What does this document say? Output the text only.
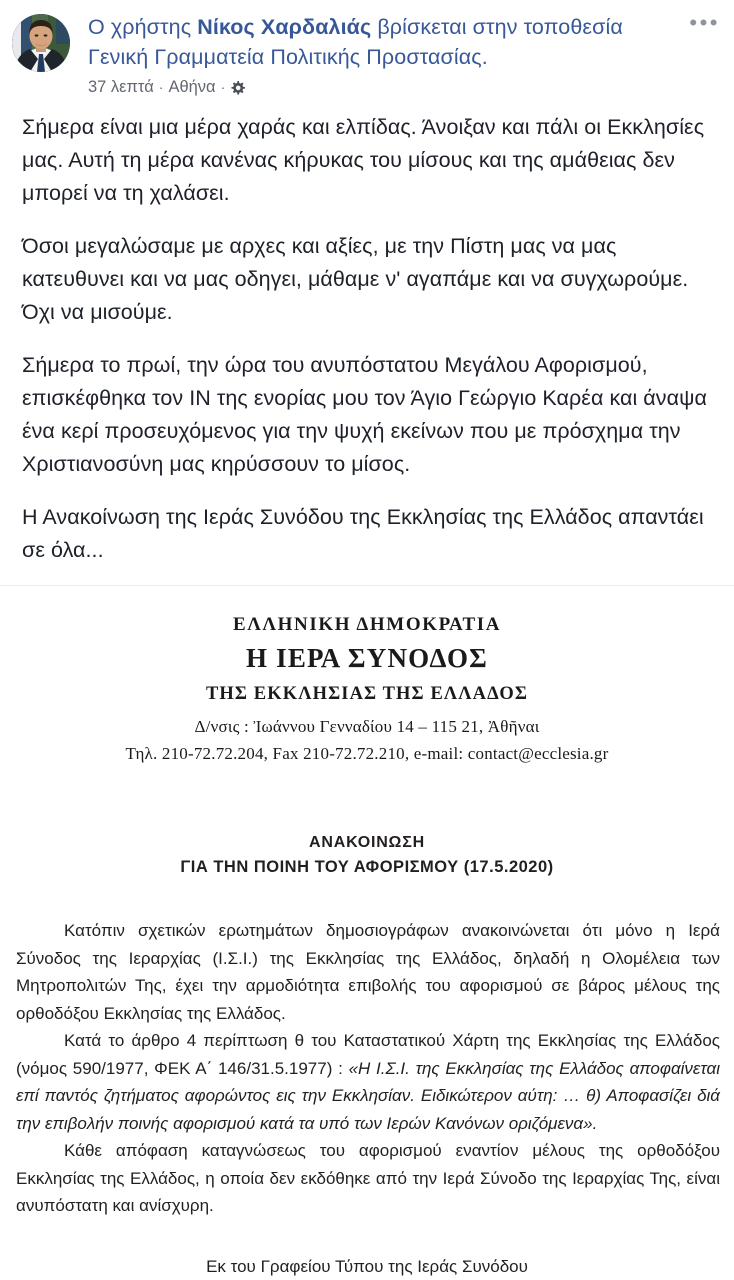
Ο χρήστης Νίκος Χαρδαλιάς βρίσκεται στην τοποθεσία Γενική Γραμματεία Πολιτικής Προστασίας.
37 λεπτά · Αθήνα ·
•••

Σήμερα είναι μια μέρα χαράς και ελπίδας. Άνοιξαν και πάλι οι Εκκλησίες μας. Αυτή τη μέρα κανένας κήρυκας του μίσους και της αμάθειας δεν μπορεί να τη χαλάσει.

Όσοι μεγαλώσαμε με αρχες και αξίες, με την Πίστη μας να μας κατευθυνει και να μας οδηγει, μάθαμε ν' αγαπάμε και να συγχωρούμε. Όχι να μισούμε.

Σήμερα το πρωί, την ώρα του ανυπόστατου Μεγάλου Αφορισμού, επισκέφθηκα τον ΙΝ της ενορίας μου τον Άγιο Γεώργιο Καρέα και άναψα ένα κερί προσευχόμενος για την ψυχή εκείνων που με πρόσχημα την Χριστιανοσύνη μας κηρύσσουν το μίσος.

Η Ανακοίνωση της Ιεράς Συνόδου της Εκκλησίας της Ελλάδος απαντάει σε όλα...

ΕΛΛΗΝΙΚΗ ΔΗΜΟΚΡΑΤΙΑ
Η ΙΕΡΑ ΣΥΝΟΔΟΣ
ΤΗΣ ΕΚΚΛΗΣΙΑΣ ΤΗΣ ΕΛΛΑΔΟΣ
Δ/νσις : Ἰωάννου Γενναδίου 14 – 115 21, Ἀθῆναι
Τηλ. 210-72.72.204, Fax 210-72.72.210, e-mail: contact@ecclesia.gr
ΑΝΑΚΟΙΝΩΣΗ
ΓΙΑ ΤΗΝ ΠΟΙΝΗ ΤΟΥ ΑΦΟΡΙΣΜΟΥ (17.5.2020)

Κατόπιν σχετικών ερωτημάτων δημοσιογράφων ανακοινώνεται ότι μόνο η Ιερά Σύνοδος της Ιεραρχίας (Ι.Σ.Ι.) της Εκκλησίας της Ελλάδος, δηλαδή η Ολομέλεια των Μητροπολιτών Της, έχει την αρμοδιότητα επιβολής του αφορισμού σε βάρος μέλους της ορθοδόξου Εκκλησίας της Ελλάδος.

Κατά το άρθρο 4 περίπτωση θ του Καταστατικού Χάρτη της Εκκλησίας της Ελλάδος (νόμος 590/1977, ΦΕΚ Α΄ 146/31.5.1977) : «Η Ι.Σ.Ι. της Εκκλησίας της Ελλάδος αποφαίνεται επί παντός ζητήματος αφορώντος εις την Εκκλησίαν. Ειδικώτερον αύτη: … θ) Αποφασίζει διά την επιβολήν ποινής αφορισμού κατά τα υπό των Ιερών Κανόνων οριζόμενα».

Κάθε απόφαση καταγνώσεως του αφορισμού εναντίον μέλους της ορθοδόξου Εκκλησίας της Ελλάδος, η οποία δεν εκδόθηκε από την Ιερά Σύνοδο της Ιεραρχίας Της, είναι ανυπόστατη και ανίσχυρη.

Εκ του Γραφείου Τύπου της Ιεράς Συνόδου
